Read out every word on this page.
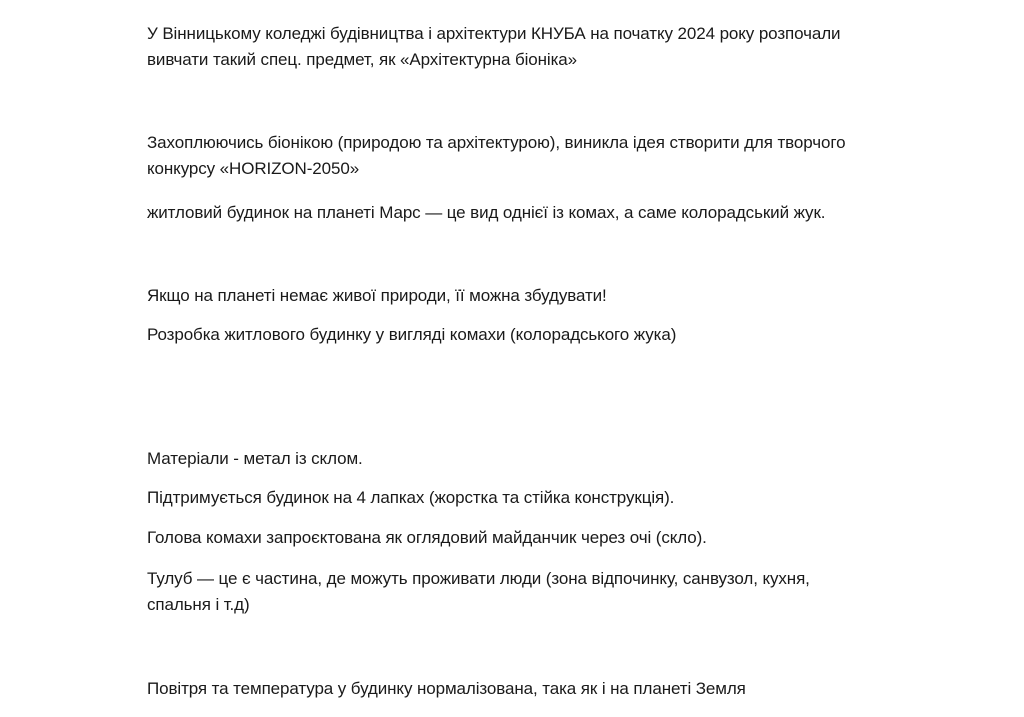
У Вінницькому коледжі будівництва і архітектури КНУБА на початку 2024 року розпочали
вивчати такий спец. предмет, як «Архітектурна біоніка»

Захоплюючись біонікою (природою та архітектурою), виникла ідея створити для творчого
конкурсу «HORIZON-2050»

житловий будинок на планеті Марс — це вид однієї із комах, а саме колорадський жук.

Якщо на планеті немає живої природи, її можна збудувати!

Розробка житлового будинку у вигляді комахи (колорадського жука)

Матеріали - метал із склом.

Підтримується будинок на 4 лапках (жорстка та стійка конструкція).

Голова комахи запроєктована як оглядовий майданчик через очі (скло).

Тулуб — це є частина, де можуть проживати люди (зона відпочинку, санвузол, кухня,
спальня і т.д)

Повітря та температура у будинку нормалізована, така як і на планеті Земля
